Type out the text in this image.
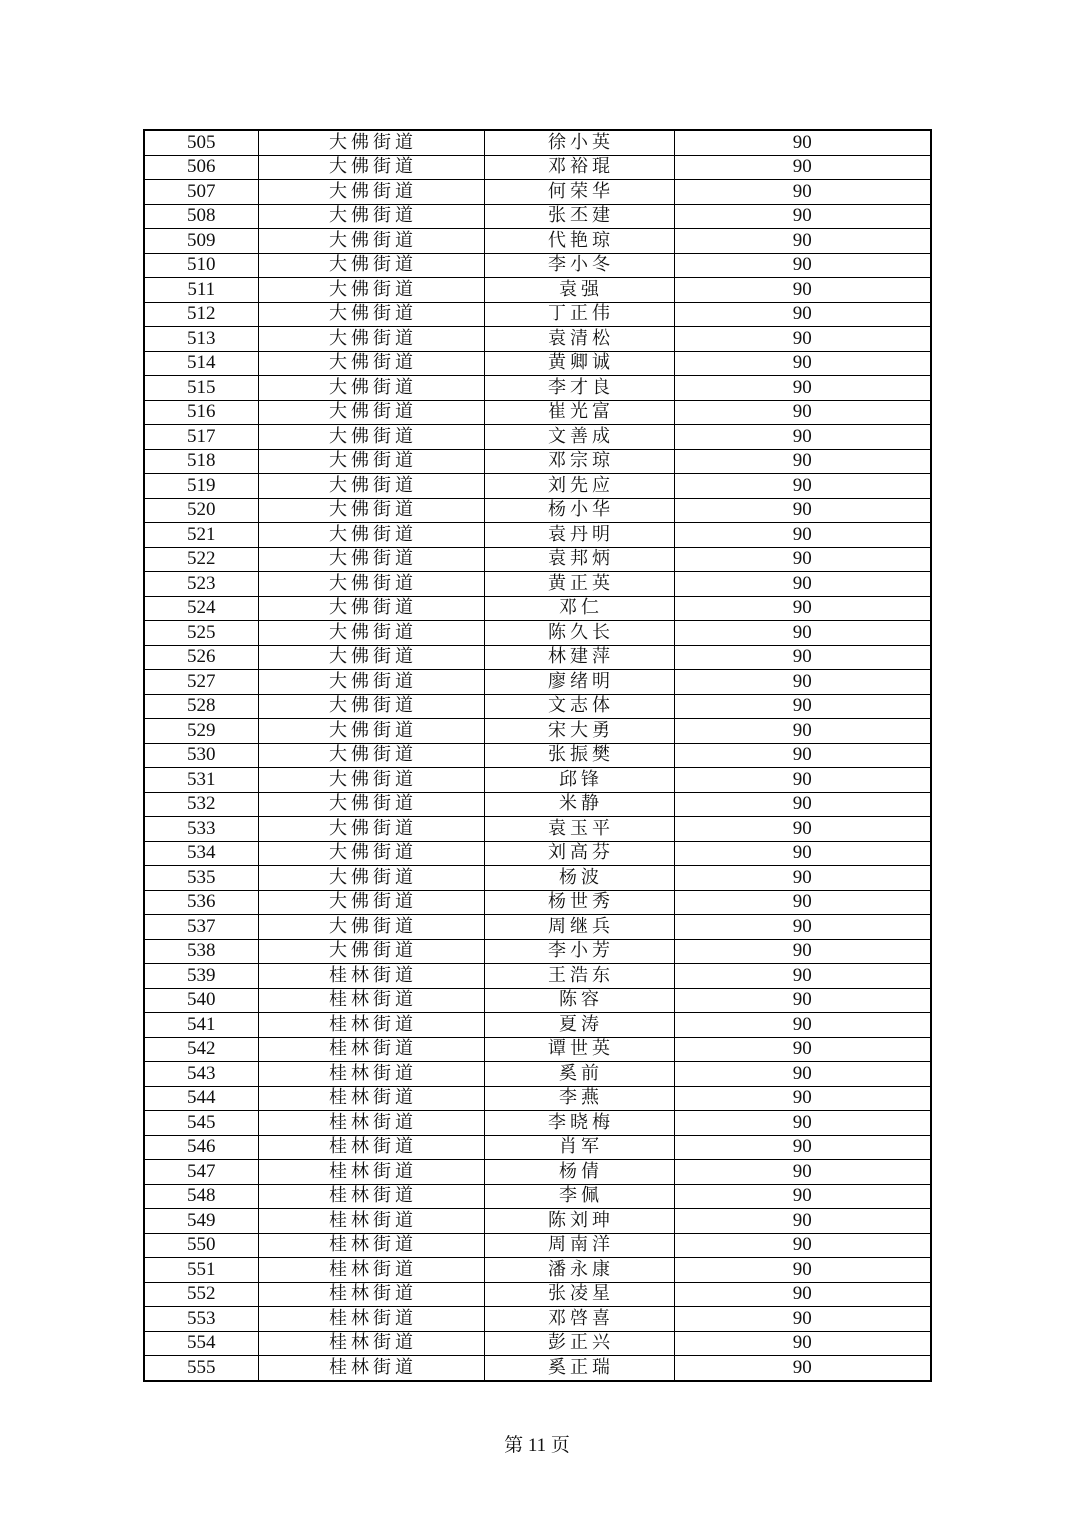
505	大佛街道	徐小英	90
506	大佛街道	邓裕琨	90
507	大佛街道	何荣华	90
508	大佛街道	张丕建	90
509	大佛街道	代艳琼	90
510	大佛街道	李小冬	90
511	大佛街道	袁强	90
512	大佛街道	丁正伟	90
513	大佛街道	袁清松	90
514	大佛街道	黄卿诚	90
515	大佛街道	李才良	90
516	大佛街道	崔光富	90
517	大佛街道	文善成	90
518	大佛街道	邓宗琼	90
519	大佛街道	刘先应	90
520	大佛街道	杨小华	90
521	大佛街道	袁丹明	90
522	大佛街道	袁邦炳	90
523	大佛街道	黄正英	90
524	大佛街道	邓仁	90
525	大佛街道	陈久长	90
526	大佛街道	林建萍	90
527	大佛街道	廖绪明	90
528	大佛街道	文志体	90
529	大佛街道	宋大勇	90
530	大佛街道	张振樊	90
531	大佛街道	邱锋	90
532	大佛街道	米静	90
533	大佛街道	袁玉平	90
534	大佛街道	刘高芬	90
535	大佛街道	杨波	90
536	大佛街道	杨世秀	90
537	大佛街道	周继兵	90
538	大佛街道	李小芳	90
539	桂林街道	王浩东	90
540	桂林街道	陈容	90
541	桂林街道	夏涛	90
542	桂林街道	谭世英	90
543	桂林街道	奚前	90
544	桂林街道	李燕	90
545	桂林街道	李晓梅	90
546	桂林街道	肖军	90
547	桂林街道	杨倩	90
548	桂林街道	李佩	90
549	桂林街道	陈刘珅	90
550	桂林街道	周南洋	90
551	桂林街道	潘永康	90
552	桂林街道	张凌星	90
553	桂林街道	邓啓喜	90
554	桂林街道	彭正兴	90
555	桂林街道	奚正瑞	90
第 11 页
